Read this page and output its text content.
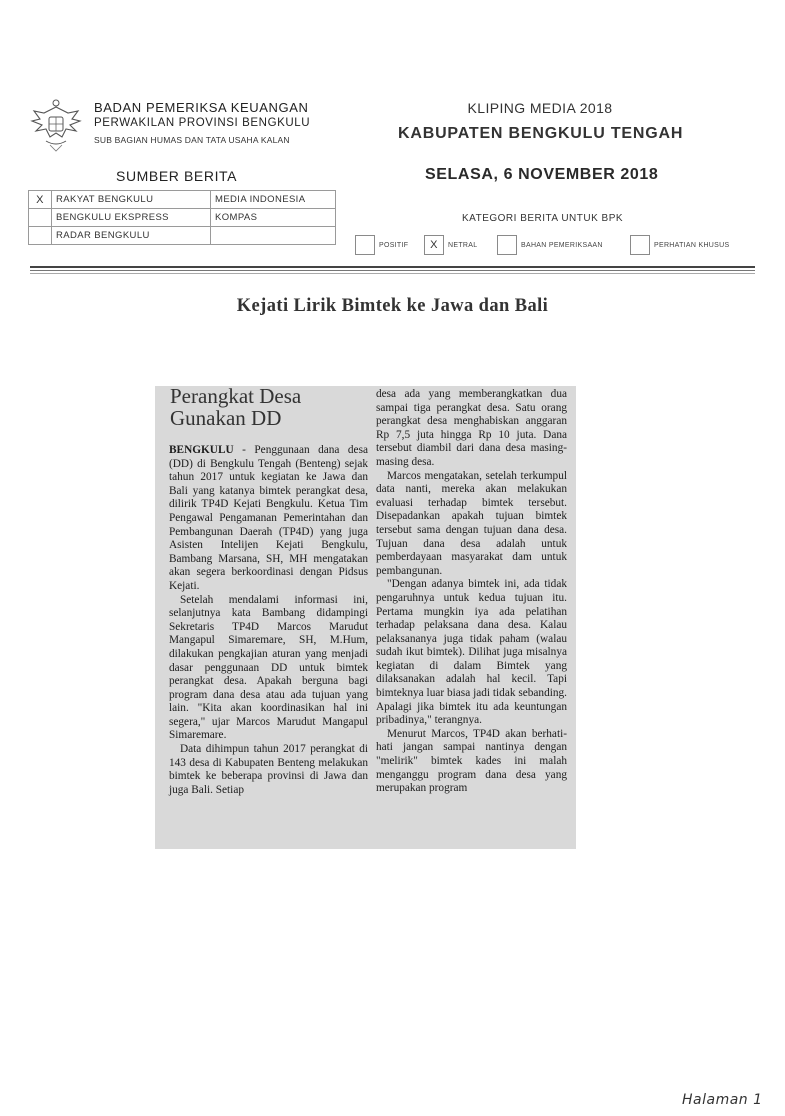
BADAN PEMERIKSA KEUANGAN
PERWAKILAN PROVINSI BENGKULU
SUB BAGIAN HUMAS DAN TATA USAHA KALAN
KLIPING MEDIA 2018
KABUPATEN BENGKULU TENGAH
SELASA, 6 NOVEMBER 2018
SUMBER BERITA
X	RAKYAT BENGKULU	MEDIA INDONESIA
	BENGKULU EKSPRESS	KOMPAS
	RADAR BENGKULU	
KATEGORI BERITA UNTUK BPK
POSITIF	X	NETRAL	BAHAN PEMERIKSAAN	PERHATIAN KHUSUS
Kejati Lirik Bimtek ke Jawa dan Bali
Perangkat Desa
Gunakan DD

BENGKULU - Penggunaan dana desa (DD) di Bengkulu Tengah (Benteng) sejak tahun 2017 untuk kegiatan ke Jawa dan Bali yang katanya bimtek perangkat desa, dilirik TP4D Kejati Bengkulu. Ketua Tim Pengawal Pengamanan Pemerintahan dan Pembangunan Daerah (TP4D) yang juga Asisten Intelijen Kejati Bengkulu, Bambang Marsana, SH, MH mengatakan akan segera berkoordinasi dengan Pidsus Kejati.

Setelah mendalami informasi ini, selanjutnya kata Bambang didampingi Sekretaris TP4D Marcos Marudut Mangapul Simaremare, SH, M.Hum, dilakukan pengkajian aturan yang menjadi dasar penggunaan DD untuk bimtek perangkat desa. Apakah berguna bagi program dana desa atau ada tujuan yang lain. "Kita akan koordinasikan hal ini segera," ujar Marcos Marudut Mangapul Simaremare.

Data dihimpun tahun 2017 perangkat di 143 desa di Kabupaten Benteng melakukan bimtek ke beberapa provinsi di Jawa dan juga Bali. Setiap

desa ada yang memberangkatkan dua sampai tiga perangkat desa. Satu orang perangkat desa menghabiskan anggaran Rp 7,5 juta hingga Rp 10 juta. Dana tersebut diambil dari dana desa masing-masing desa.

Marcos mengatakan, setelah terkumpul data nanti, mereka akan melakukan evaluasi terhadap bimtek tersebut. Disepadankan apakah tujuan bimtek tersebut sama dengan tujuan dana desa. Tujuan dana desa adalah untuk pemberdayaan masyarakat dam untuk pembangunan.

"Dengan adanya bimtek ini, ada tidak pengaruhnya untuk kedua tujuan itu. Pertama mungkin iya ada pelatihan terhadap pelaksana dana desa. Kalau pelaksananya juga tidak paham (walau sudah ikut bimtek). Dilihat juga misalnya kegiatan di dalam Bimtek yang dilaksanakan adalah hal kecil. Tapi bimteknya luar biasa jadi tidak sebanding. Apalagi jika bimtek itu ada keuntungan pribadinya," terangnya.

Menurut Marcos, TP4D akan berhati-hati jangan sampai nantinya dengan "melirik" bimtek kades ini malah menganggu program dana desa yang merupakan program

Halaman 1
